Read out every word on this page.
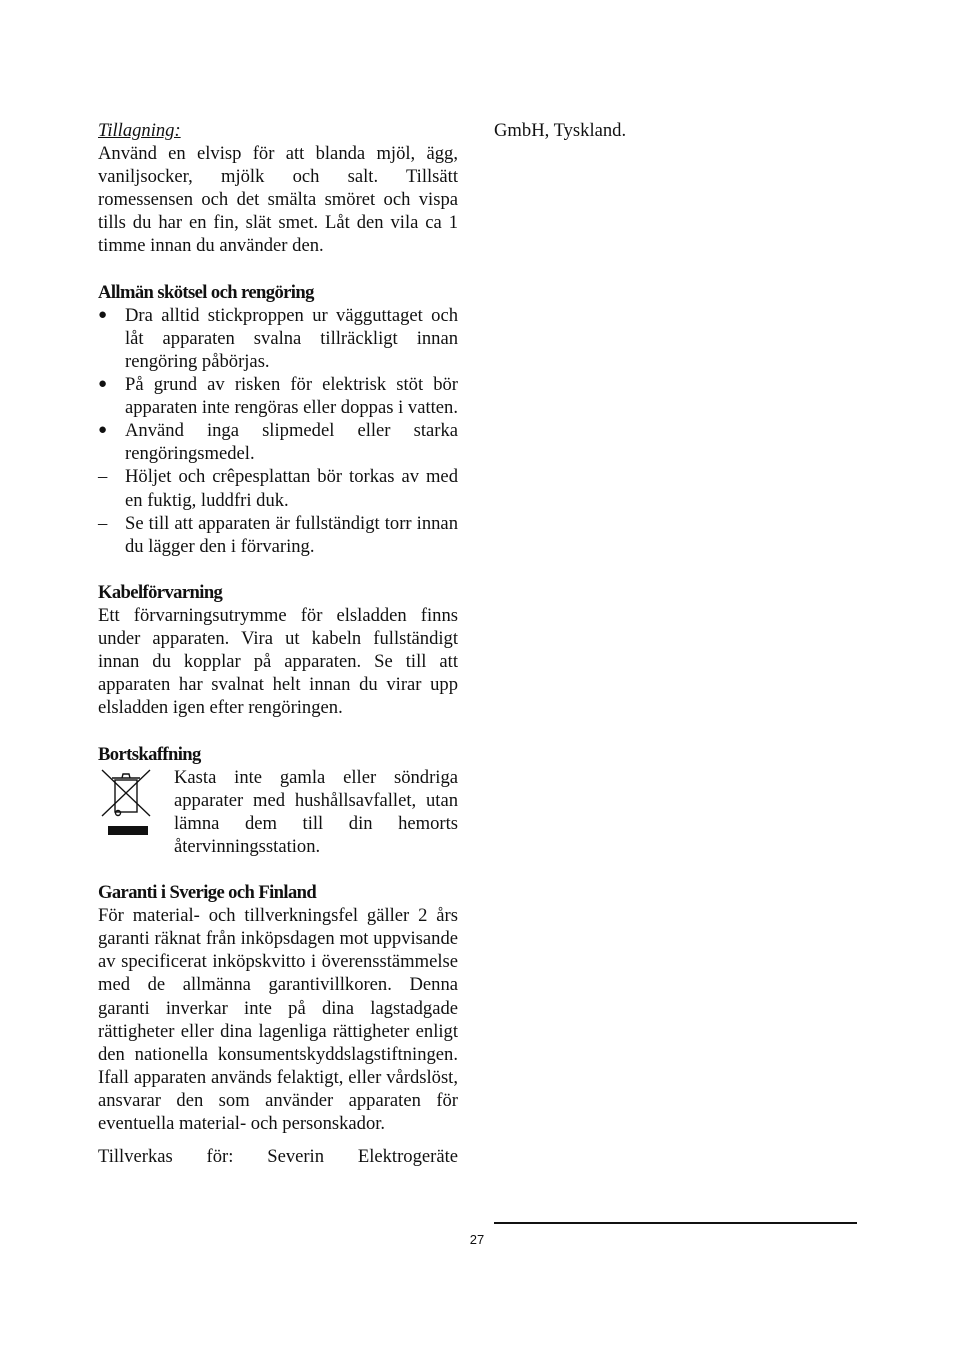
Tillagning:

Använd en elvisp för att blanda mjöl, ägg, vaniljsocker, mjölk och salt. Tillsätt romessensen och det smälta smöret och vispa tills du har en fin, slät smet. Låt den vila ca 1 timme innan du använder den.

Allmän skötsel och rengöring

● Dra alltid stickproppen ur vägguttaget och låt apparaten svalna tillräckligt innan rengöring påbörjas.
● På grund av risken för elektrisk stöt bör apparaten inte rengöras eller doppas i vatten.
● Använd inga slipmedel eller starka rengöringsmedel.
– Höljet och crêpesplattan bör torkas av med en fuktig, luddfri duk.
– Se till att apparaten är fullständigt torr innan du lägger den i förvaring.

Kabelförvarning

Ett förvarningsutrymme för elsladden finns under apparaten. Vira ut kabeln fullständigt innan du kopplar på apparaten. Se till att apparaten har svalnat helt innan du virar upp elsladden igen efter rengöringen.

Bortskaffning

Kasta inte gamla eller söndriga apparater med hushållsavfallet, utan lämna dem till din hemorts återvinningsstation.

Garanti i Sverige och Finland

För material- och tillverkningsfel gäller 2 års garanti räknat från inköpsdagen mot uppvisande av specificerat inköpskvitto i överensstämmelse med de allmänna garantivillkoren. Denna garanti inverkar inte på dina lagstadgade rättigheter eller dina lagenliga rättigheter enligt den nationella konsumentskyddslagstiftningen. Ifall apparaten används felaktigt, eller vårdslöst, ansvarar den som använder apparaten för eventuella material- och personskador.

Tillverkas för: Severin Elektrogeräte

GmbH, Tyskland.

27
